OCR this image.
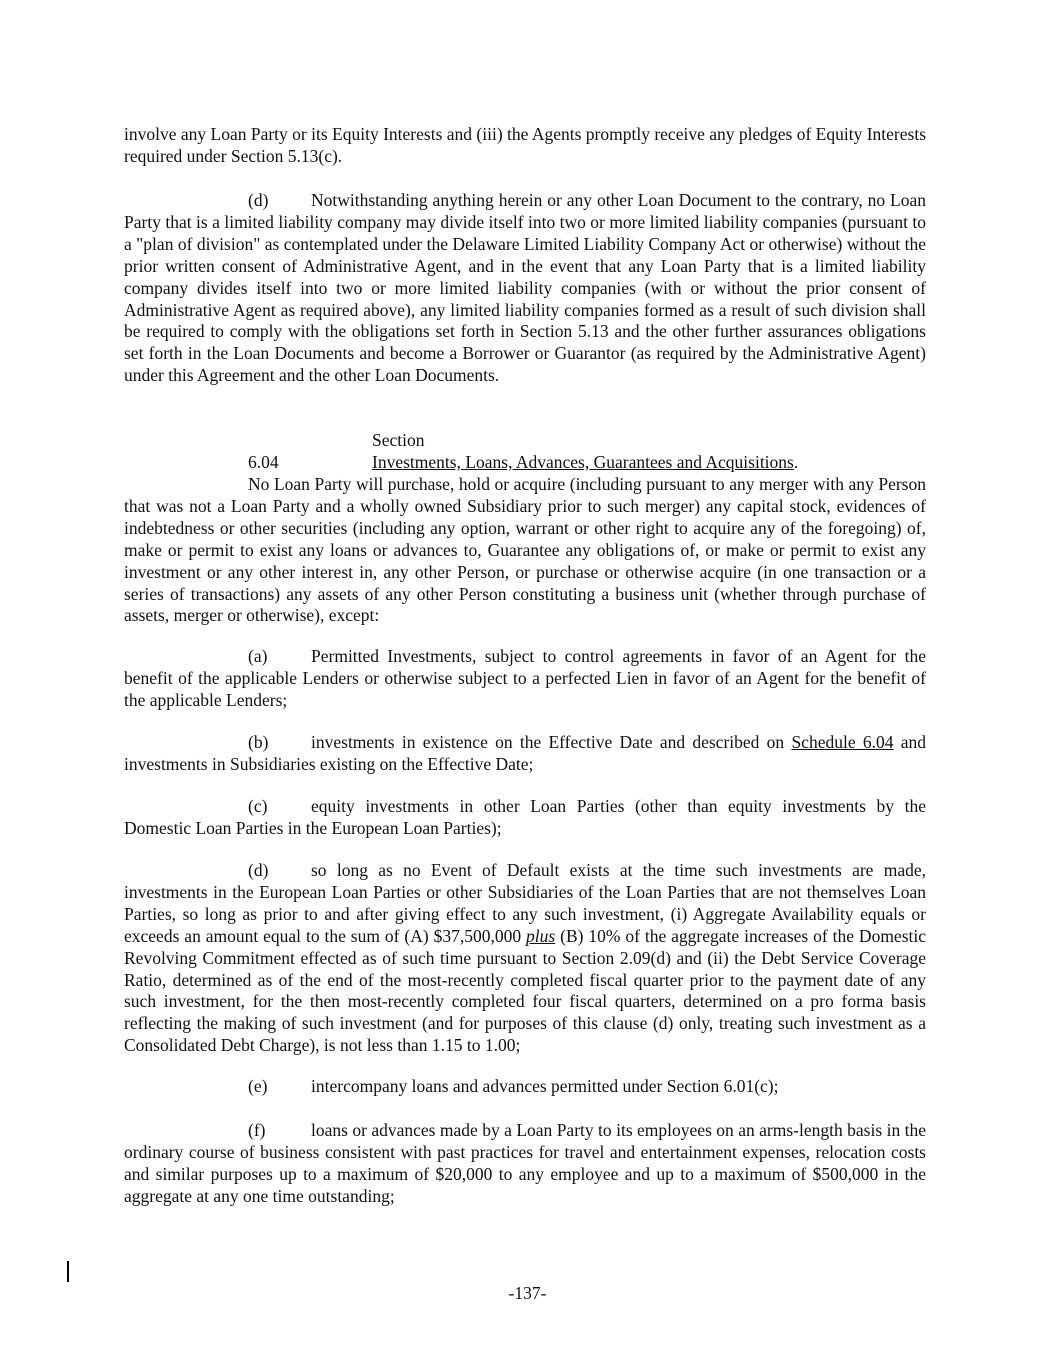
involve any Loan Party or its Equity Interests and (iii) the Agents promptly receive any pledges of Equity Interests required under Section 5.13(c).

(d) Notwithstanding anything herein or any other Loan Document to the contrary, no Loan Party that is a limited liability company may divide itself into two or more limited liability companies (pursuant to a "plan of division" as contemplated under the Delaware Limited Liability Company Act or otherwise) without the prior written consent of Administrative Agent, and in the event that any Loan Party that is a limited liability company divides itself into two or more limited liability companies (with or without the prior consent of Administrative Agent as required above), any limited liability companies formed as a result of such division shall be required to comply with the obligations set forth in Section 5.13 and the other further assurances obligations set forth in the Loan Documents and become a Borrower or Guarantor (as required by the Administrative Agent) under this Agreement and the other Loan Documents.

Section 6.04	Investments, Loans, Advances, Guarantees and Acquisitions.

No Loan Party will purchase, hold or acquire (including pursuant to any merger with any Person that was not a Loan Party and a wholly owned Subsidiary prior to such merger) any capital stock, evidences of indebtedness or other securities (including any option, warrant or other right to acquire any of the foregoing) of, make or permit to exist any loans or advances to, Guarantee any obligations of, or make or permit to exist any investment or any other interest in, any other Person, or purchase or otherwise acquire (in one transaction or a series of transactions) any assets of any other Person constituting a business unit (whether through purchase of assets, merger or otherwise), except:

(a) Permitted Investments, subject to control agreements in favor of an Agent for the benefit of the applicable Lenders or otherwise subject to a perfected Lien in favor of an Agent for the benefit of the applicable Lenders;

(b) investments in existence on the Effective Date and described on Schedule 6.04 and investments in Subsidiaries existing on the Effective Date;

(c) equity investments in other Loan Parties (other than equity investments by the Domestic Loan Parties in the European Loan Parties);

(d) so long as no Event of Default exists at the time such investments are made, investments in the European Loan Parties or other Subsidiaries of the Loan Parties that are not themselves Loan Parties, so long as prior to and after giving effect to any such investment, (i) Aggregate Availability equals or exceeds an amount equal to the sum of (A) $37,500,000 plus (B) 10% of the aggregate increases of the Domestic Revolving Commitment effected as of such time pursuant to Section 2.09(d) and (ii) the Debt Service Coverage Ratio, determined as of the end of the most-recently completed fiscal quarter prior to the payment date of any such investment, for the then most-recently completed four fiscal quarters, determined on a pro forma basis reflecting the making of such investment (and for purposes of this clause (d) only, treating such investment as a Consolidated Debt Charge), is not less than 1.15 to 1.00;

(e) intercompany loans and advances permitted under Section 6.01(c);

(f)	loans or advances made by a Loan Party to its employees on an arms-length basis in the ordinary course of business consistent with past practices for travel and entertainment expenses, relocation costs and similar purposes up to a maximum of $20,000 to any employee and up to a maximum of $500,000 in the aggregate at any one time outstanding;

-137-
